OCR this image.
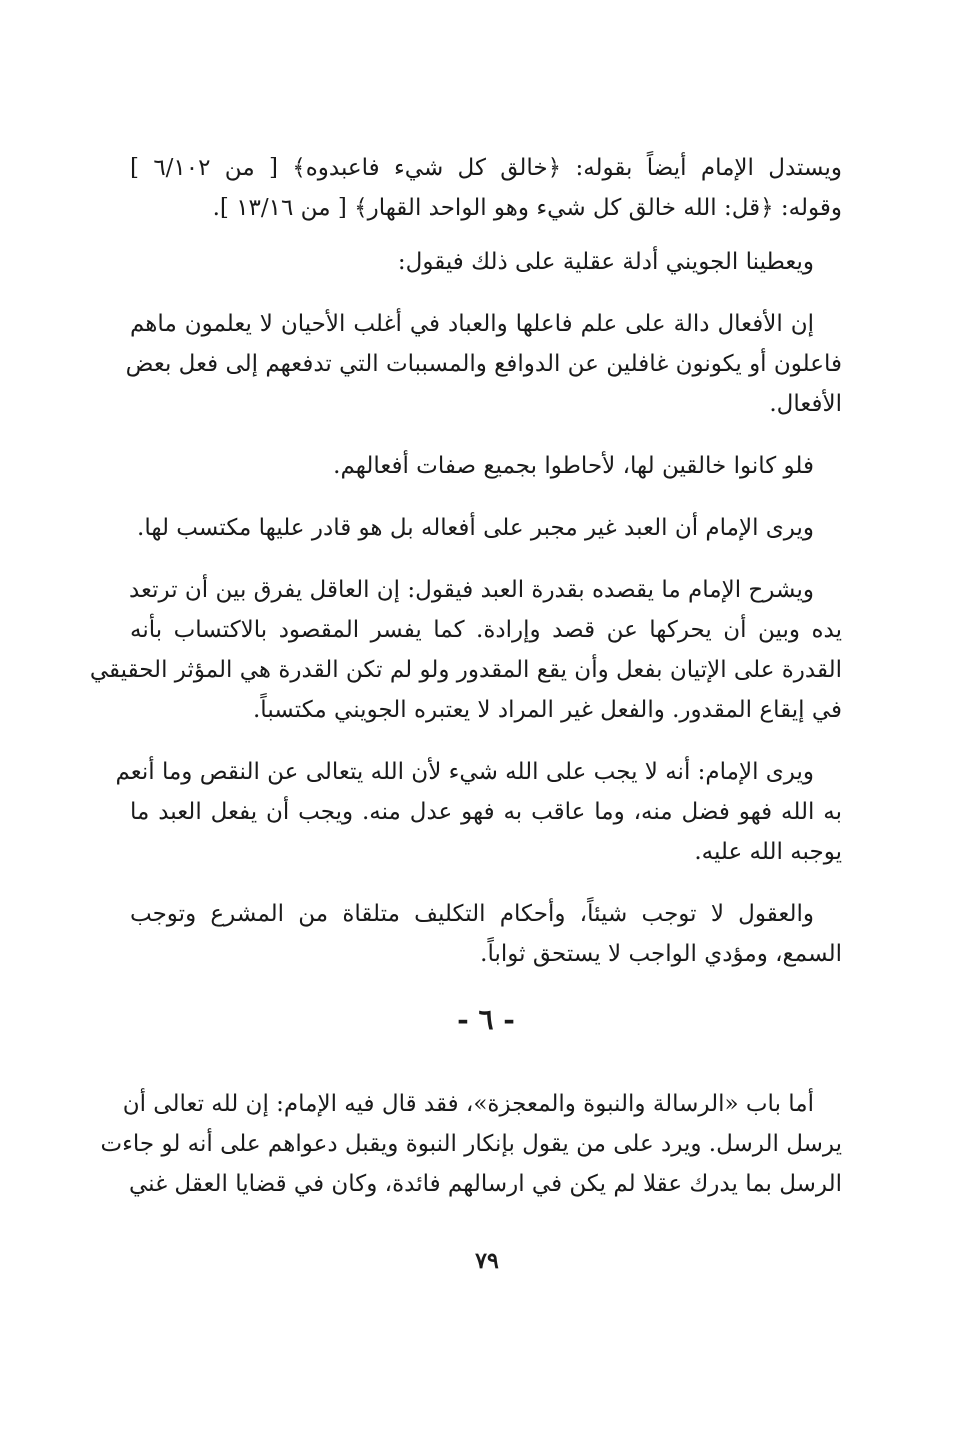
ويستدل الإمام أيضاً بقوله: ﴿خالق كل شيء فاعبدوه﴾ [ من ٦/١٠٢ ]
وقوله: ﴿قل: الله خالق كل شيء وهو الواحد القهار﴾ [ من ١٣/١٦ ].
ويعطينا الجويني أدلة عقلية على ذلك فيقول:
إن الأفعال دالة على علم فاعلها والعباد في أغلب الأحيان لا يعلمون ماهم
فاعلون أو يكونون غافلين عن الدوافع والمسببات التي تدفعهم إلى فعل بعض
الأفعال.
فلو كانوا خالقين لها، لأحاطوا بجميع صفات أفعالهم.
ويرى الإمام أن العبد غير مجبر على أفعاله بل هو قادر عليها مكتسب لها.
ويشرح الإمام ما يقصده بقدرة العبد فيقول: إن العاقل يفرق بين أن ترتعد
يده وبين أن يحركها عن قصد وإرادة. كما يفسر المقصود بالاكتساب بأنه
القدرة على الإتيان بفعل وأن يقع المقدور ولو لم تكن القدرة هي المؤثر الحقيقي
في إيقاع المقدور. والفعل غير المراد لا يعتبره الجويني مكتسباً.
ويرى الإمام: أنه لا يجب على الله شيء لأن الله يتعالى عن النقص وما أنعم
به الله فهو فضل منه، وما عاقب به فهو عدل منه. ويجب أن يفعل العبد ما
يوجبه الله عليه.
والعقول لا توجب شيئاً، وأحكام التكليف متلقاة من المشرع وتوجب
السمع، ومؤدي الواجب لا يستحق ثواباً.
- ٦ -
أما باب «الرسالة والنبوة والمعجزة»، فقد قال فيه الإمام: إن لله تعالى أن
يرسل الرسل. ويرد على من يقول بإنكار النبوة ويقبل دعواهم على أنه لو جاءت
الرسل بما يدرك عقلا لم يكن في ارسالهم فائدة، وكان في قضايا العقل غني
٧٩
